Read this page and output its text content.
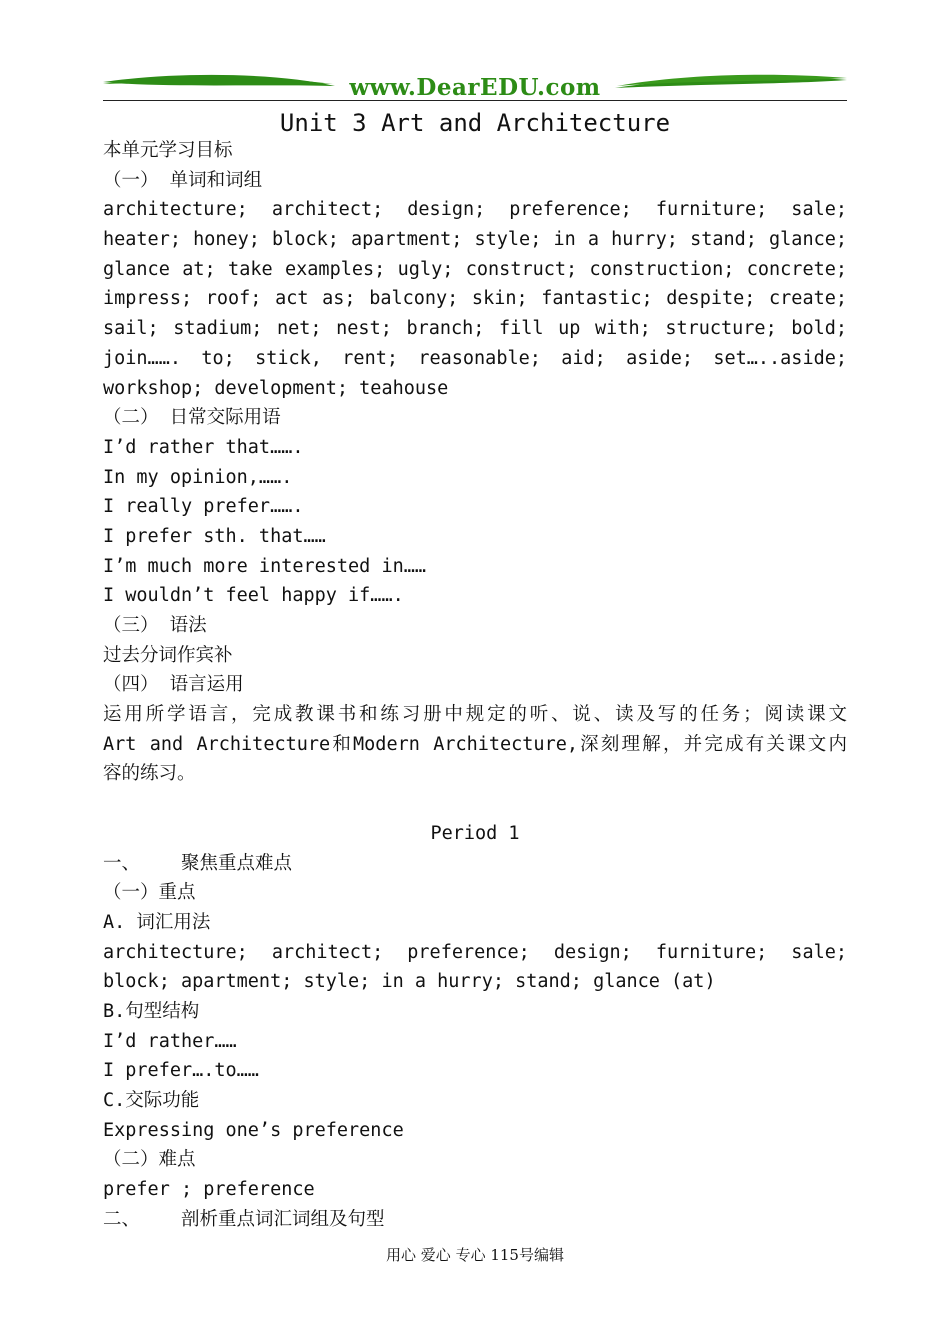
www.DearEDU.com
Unit 3 Art and Architecture
本单元学习目标
（一） 单词和词组
architecture; architect; design; preference; furniture; sale;
heater; honey; block; apartment; style; in a hurry; stand; glance;
glance at; take examples; ugly; construct; construction; concrete;
impress; roof; act as; balcony; skin; fantastic; despite; create;
sail; stadium; net; nest; branch; fill up with; structure; bold;
join……. to; stick, rent; reasonable; aid; aside; set…..aside;
workshop; development; teahouse
（二） 日常交际用语
I’d rather that…….
In my opinion,…….
I really prefer…….
I prefer sth. that……
I’m much more interested in……
I wouldn’t feel happy if…….
（三） 语法
过去分词作宾补
（四） 语言运用
运用所学语言，完成教课书和练习册中规定的听、说、读及写的任务；阅读课文
Art and Architecture和Modern Architecture,深刻理解，并完成有关课文内
容的练习。
Period 1
一、 聚焦重点难点
（一）重点
A. 词汇用法
architecture; architect; preference; design; furniture; sale;
block; apartment; style; in a hurry; stand; glance (at)
B.句型结构
I’d rather……
I prefer….to……
C.交际功能
Expressing one’s preference
（二）难点
prefer ; preference
二、 剖析重点词汇词组及句型
用心 爱心 专心 115号编辑
